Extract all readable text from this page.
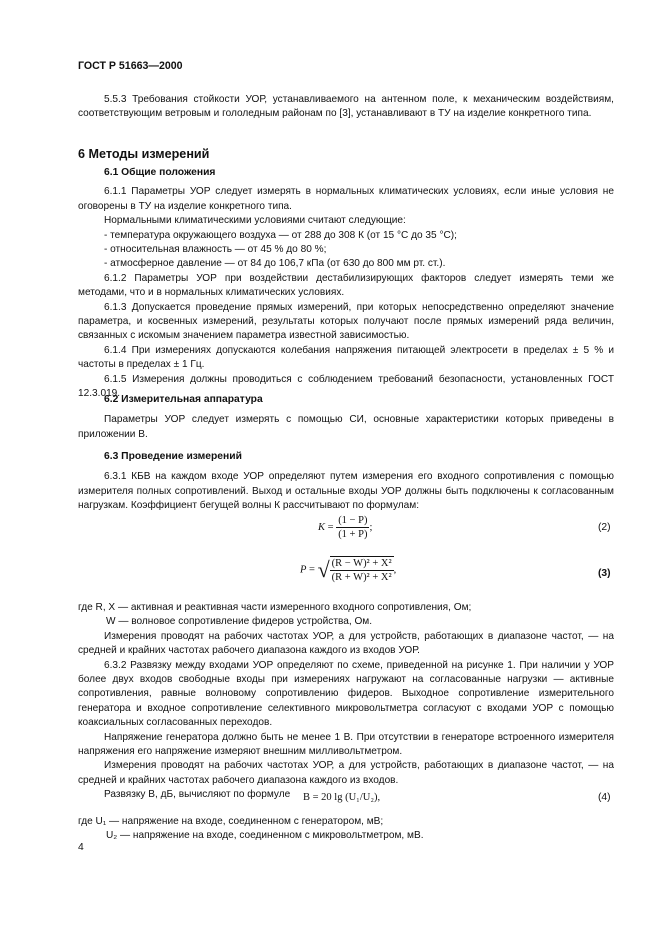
ГОСТ Р 51663—2000

5.5.3 Требования стойкости УОР, устанавливаемого на антенном поле, к механическим воздействиям, соответствующим ветровым и гололедным районам по [3], устанавливают в ТУ на изделие конкретного типа.

6 Методы измерений

6.1 Общие положения

6.1.1 Параметры УОР следует измерять в нормальных климатических условиях, если иные условия не оговорены в ТУ на изделие конкретного типа.

Нормальными климатическими условиями считают следующие:

- температура окружающего воздуха — от 288 до 308 К (от 15 °С до 35 °С);

- относительная влажность — от 45 % до 80 %;

- атмосферное давление — от 84 до 106,7 кПа (от 630 до 800 мм рт. ст.).

6.1.2 Параметры УОР при воздействии дестабилизирующих факторов следует измерять теми же методами, что и в нормальных климатических условиях.

6.1.3 Допускается проведение прямых измерений, при которых непосредственно определяют значение параметра, и косвенных измерений, результаты которых получают после прямых измерений ряда величин, связанных с искомым значением параметра известной зависимостью.

6.1.4 При измерениях допускаются колебания напряжения питающей электросети в пределах ± 5 % и частоты в пределах ± 1 Гц.

6.1.5 Измерения должны проводиться с соблюдением требований безопасности, установленных ГОСТ 12.3.019.

6.2 Измерительная аппаратура

Параметры УОР следует измерять с помощью СИ, основные характеристики которых приведены в приложении В.

6.3 Проведение измерений

6.3.1 КБВ на каждом входе УОР определяют путем измерения его входного сопротивления с помощью измерителя полных сопротивлений. Выход и остальные входы УОР должны быть подключены к согласованным нагрузкам. Коэффициент бегущей волны К рассчитывают по формулам:

$K = \frac{(1 - P)}{(1 + P)}$ ;	(2)
P = √ $\frac{\text{(R − W)² + X²}}{\text{(R + W)² + X²}}$ ,	(3)

где R, X — активная и реактивная части измеренного входного сопротивления, Ом;

W — волновое сопротивление фидеров устройства, Ом.

Измерения проводят на рабочих частотах УОР, а для устройств, работающих в диапазоне частот, — на средней и крайних частотах рабочего диапазона каждого из входов УОР.

6.3.2 Развязку между входами УОР определяют по схеме, приведенной на рисунке 1. При наличии у УОР более двух входов свободные входы при измерениях нагружают на согласованные нагрузки — активные сопротивления, равные волновому сопротивлению фидеров. Выходное сопротивление измерительного генератора и входное сопротивление селективного микровольтметра согласуют с входами УОР с помощью коаксиальных согласованных переходов.

Напряжение генератора должно быть не менее 1 В. При отсутствии в генераторе встроенного измерителя напряжения его напряжение измеряют внешним милливольтметром.

Измерения проводят на рабочих частотах УОР, а для устройств, работающих в диапазоне частот, — на средней и крайних частотах рабочего диапазона каждого из входов.

Развязку В, дБ, вычисляют по формуле	B = 20 lg (U₁/U₂),	(4)

где U₁ — напряжение на входе, соединенном с генератором, мВ;

U₂ — напряжение на входе, соединенном с микровольтметром, мВ.

4
